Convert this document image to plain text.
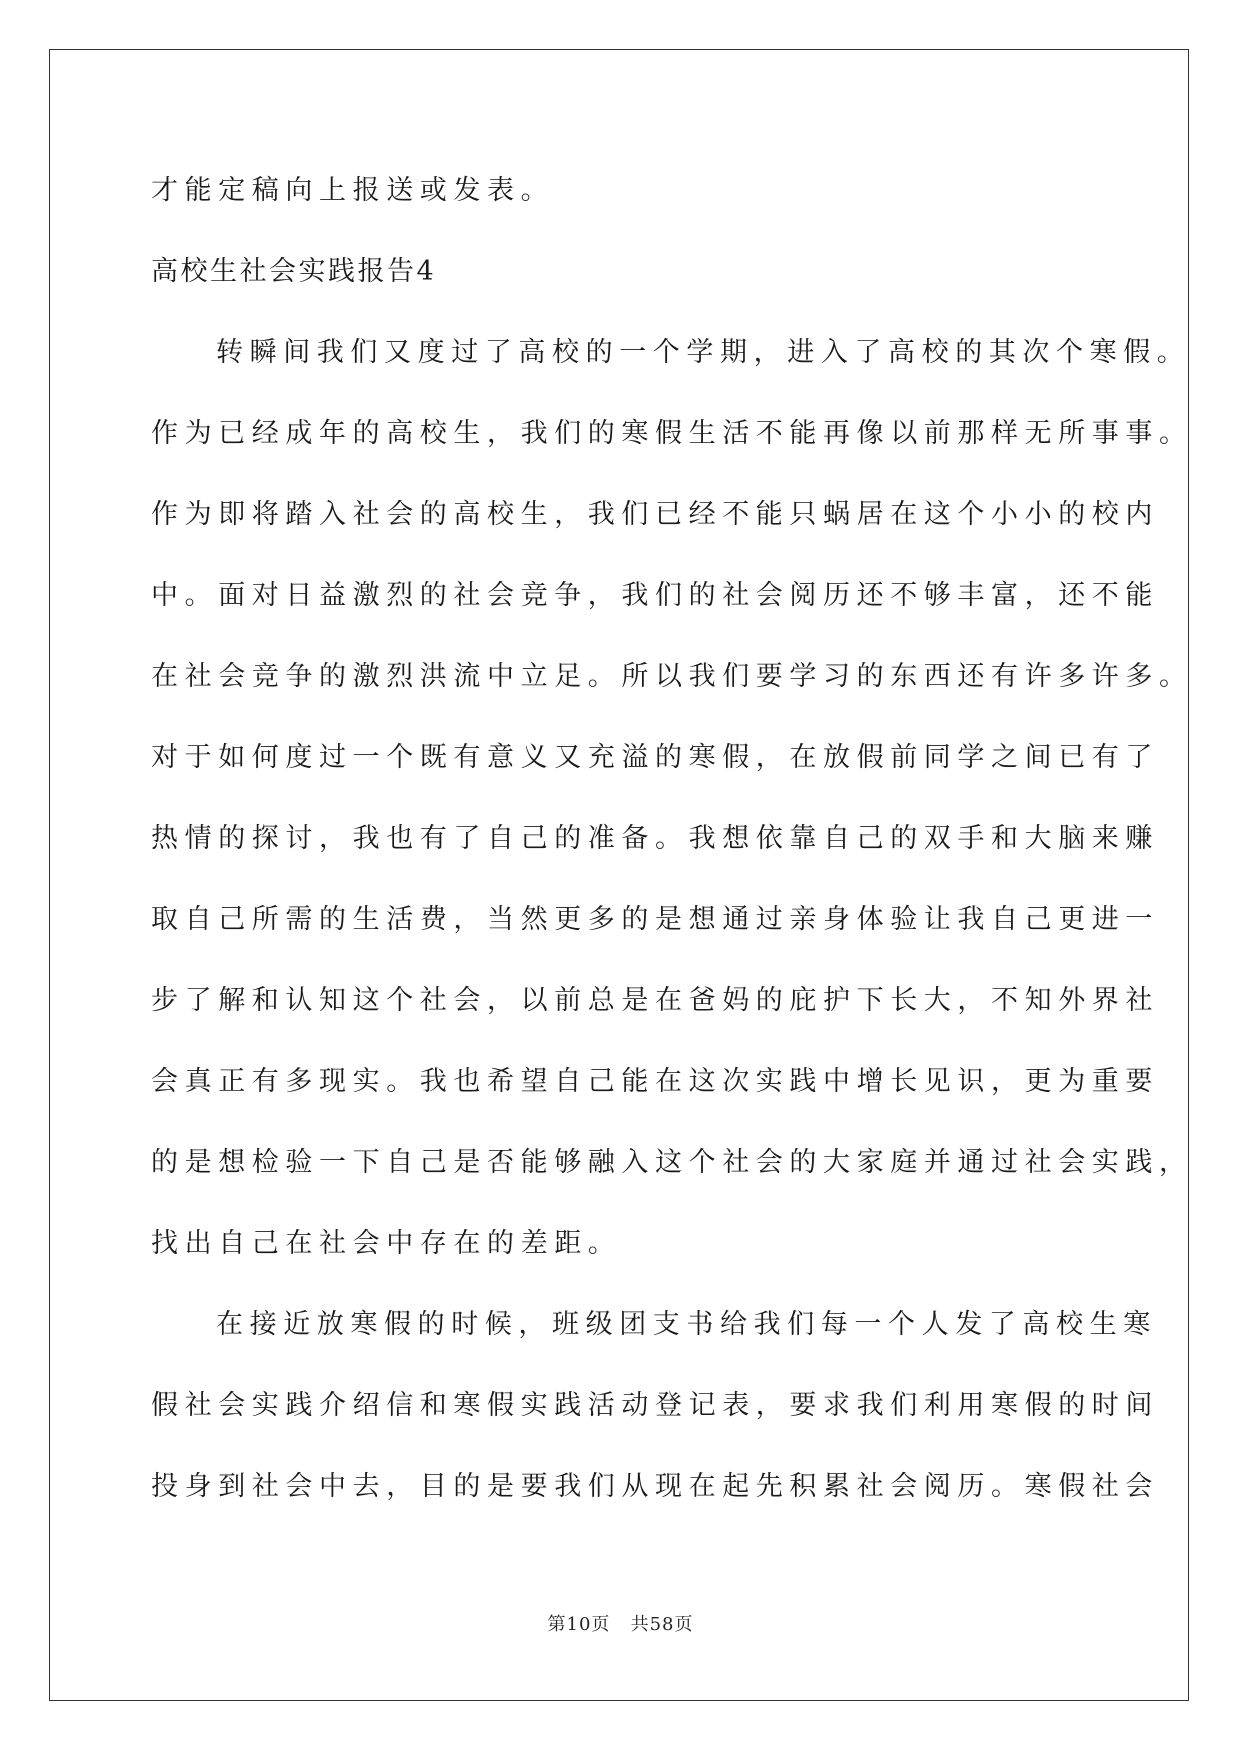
才能定稿向上报送或发表。

高校生社会实践报告4

转瞬间我们又度过了高校的一个学期，进入了高校的其次个寒假。

作为已经成年的高校生，我们的寒假生活不能再像以前那样无所事事。

作为即将踏入社会的高校生，我们已经不能只蜗居在这个小小的校内

中。面对日益激烈的社会竞争，我们的社会阅历还不够丰富，还不能

在社会竞争的激烈洪流中立足。所以我们要学习的东西还有许多许多。

对于如何度过一个既有意义又充溢的寒假，在放假前同学之间已有了

热情的探讨，我也有了自己的准备。我想依靠自己的双手和大脑来赚

取自己所需的生活费，当然更多的是想通过亲身体验让我自己更进一

步了解和认知这个社会，以前总是在爸妈的庇护下长大，不知外界社

会真正有多现实。我也希望自己能在这次实践中增长见识，更为重要

的是想检验一下自己是否能够融入这个社会的大家庭并通过社会实践，

找出自己在社会中存在的差距。

在接近放寒假的时候，班级团支书给我们每一个人发了高校生寒

假社会实践介绍信和寒假实践活动登记表，要求我们利用寒假的时间

投身到社会中去，目的是要我们从现在起先积累社会阅历。寒假社会

第10页 共58页
